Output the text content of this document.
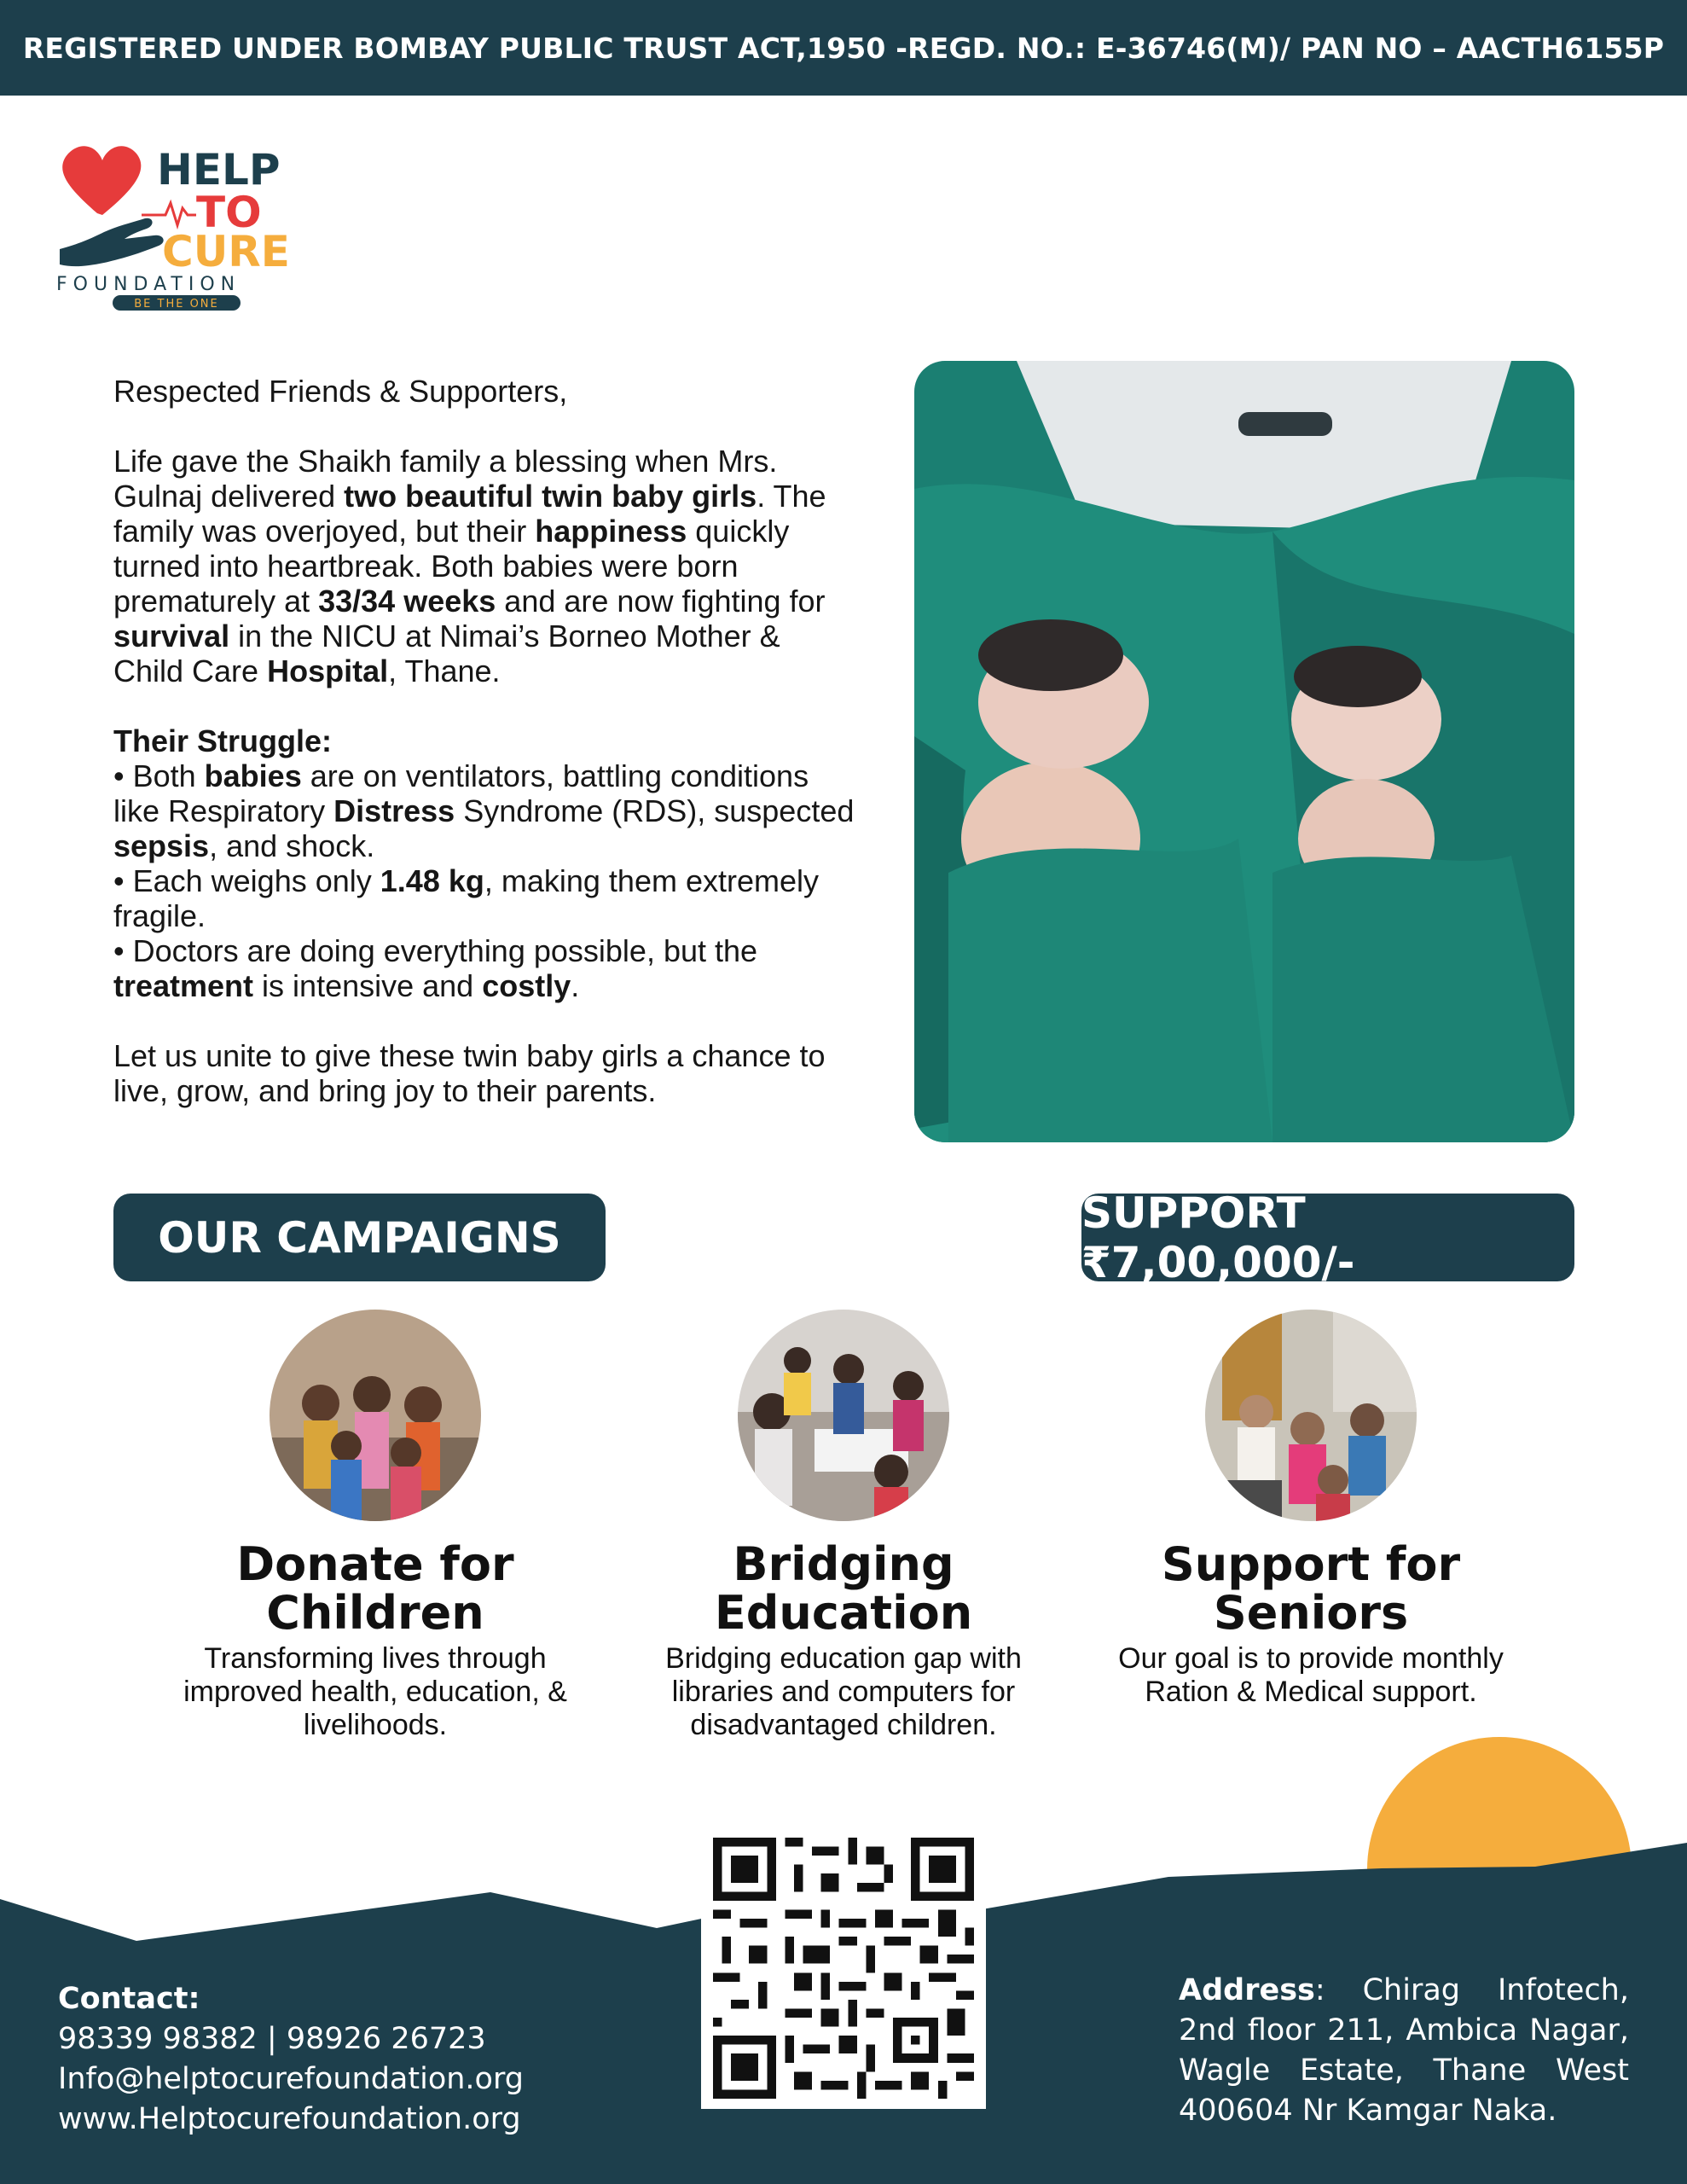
REGISTERED UNDER BOMBAY PUBLIC TRUST ACT,1950 -REGD. NO.: E-36746(M)/ PAN NO – AACTH6155P
HELP
TO
CURE
FOUNDATION
BE THE ONE

Respected Friends & Supporters,

Life gave the Shaikh family a blessing when Mrs. Gulnaj delivered two beautiful twin baby girls. The family was overjoyed, but their happiness quickly turned into heartbreak. Both babies were born prematurely at 33/34 weeks and are now fighting for survival in the NICU at Nimai’s Borneo Mother & Child Care Hospital, Thane.

Their Struggle:
• Both babies are on ventilators, battling conditions like Respiratory Distress Syndrome (RDS), suspected sepsis, and shock.
• Each weighs only 1.48 kg, making them extremely fragile.
• Doctors are doing everything possible, but the treatment is intensive and costly.

Let us unite to give these twin baby girls a chance to live, grow, and bring joy to their parents.

OUR CAMPAIGNS	SUPPORT ₹7,00,000/-
Donate for Children
Transforming lives through improved health, education, & livelihoods.
Bridging Education
Bridging education gap with libraries and computers for disadvantaged children.
Support for Seniors
Our goal is to provide monthly Ration & Medical support.
Contact:
98339 98382 | 98926 26723
Info@helptocurefoundation.org
www.Helptocurefoundation.org
Address: Chirag Infotech, 2nd floor 211, Ambica Nagar, Wagle Estate, Thane West 400604 Nr Kamgar Naka.
